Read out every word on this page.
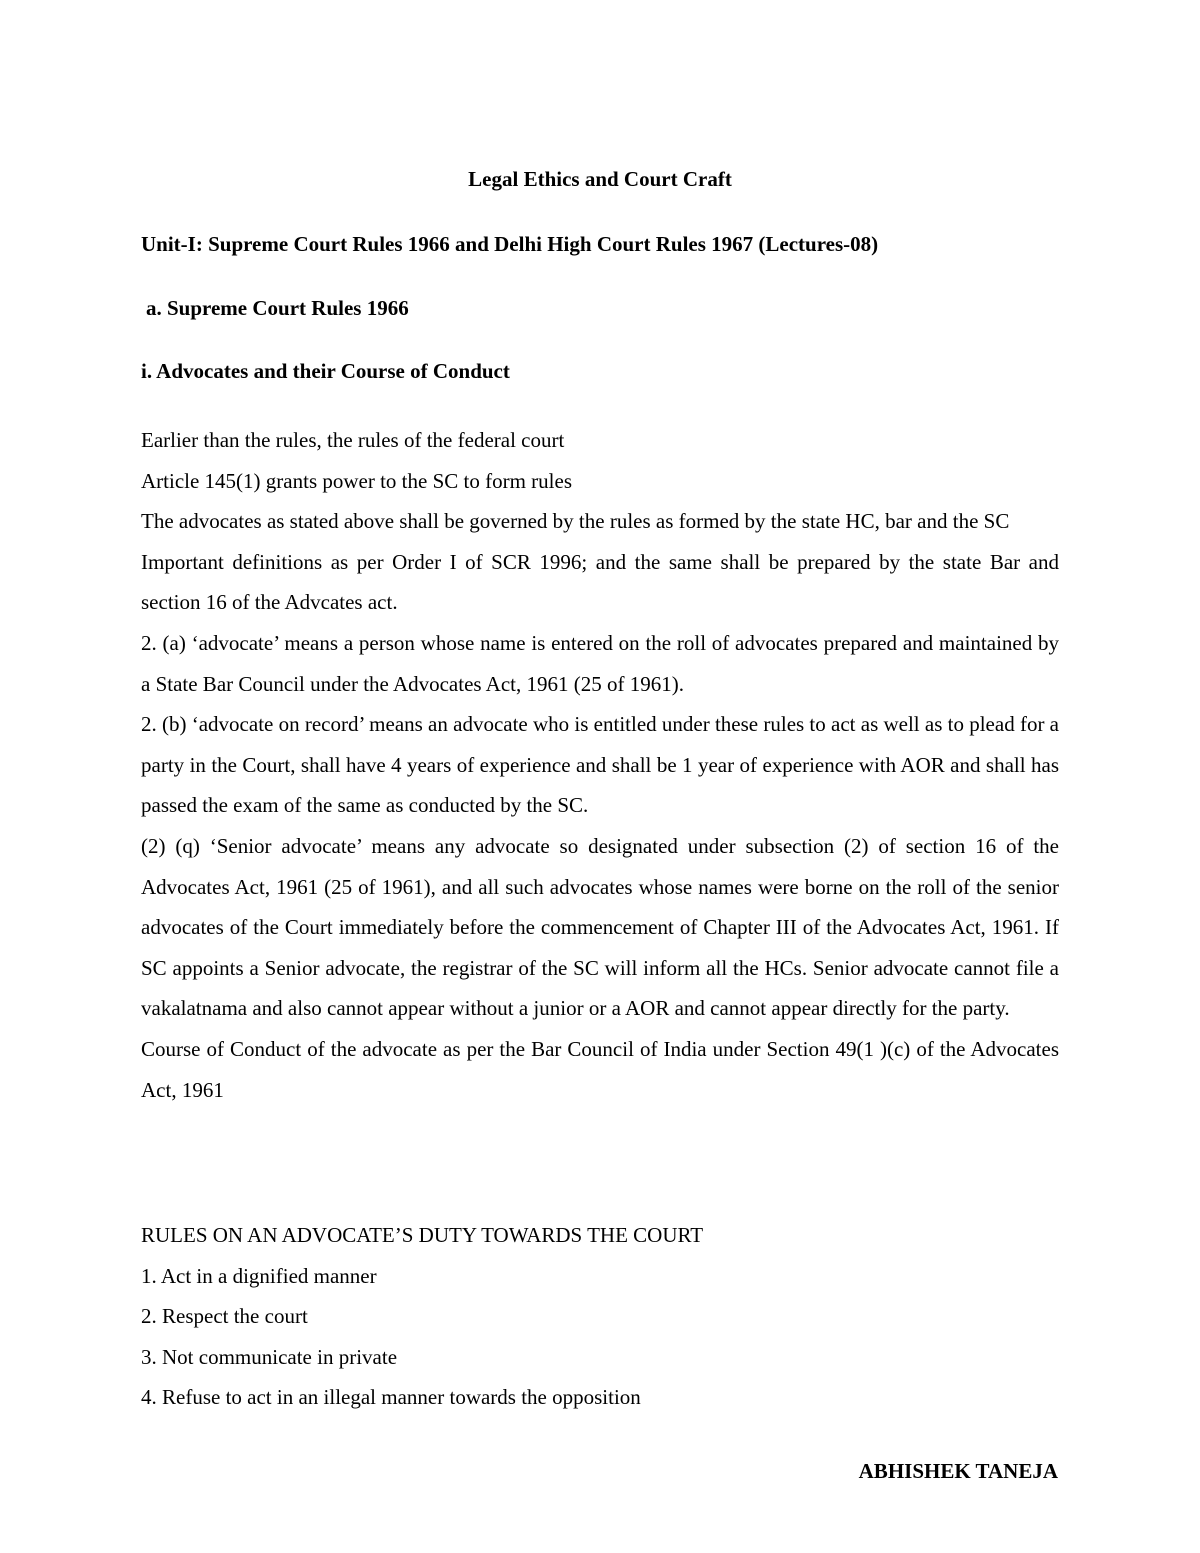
Legal Ethics and Court Craft
Unit-I: Supreme Court Rules 1966 and Delhi High Court Rules 1967 (Lectures-08)
a. Supreme Court Rules 1966
i. Advocates and their Course of Conduct

Earlier than the rules, the rules of the federal court

Article 145(1) grants power to the SC to form rules

The advocates as stated above shall be governed by the rules as formed by the state HC, bar and the SC

Important definitions as per Order I of SCR 1996; and the same shall be prepared by the state Bar and section 16 of the Advcates act.

2. (a) ‘advocate’ means a person whose name is entered on the roll of advocates prepared and maintained by a State Bar Council under the Advocates Act, 1961 (25 of 1961).

2. (b) ‘advocate on record’ means an advocate who is entitled under these rules to act as well as to plead for a party in the Court, shall have 4 years of experience and shall be 1 year of experience with AOR and shall has passed the exam of the same as conducted by the SC.

(2) (q) ‘Senior advocate’ means any advocate so designated under subsection (2) of section 16 of the Advocates Act, 1961 (25 of 1961), and all such advocates whose names were borne on the roll of the senior advocates of the Court immediately before the commencement of Chapter III of the Advocates Act, 1961. If SC appoints a Senior advocate, the registrar of the SC will inform all the HCs. Senior advocate cannot file a vakalatnama and also cannot appear without a junior or a AOR and cannot appear directly for the party.

Course of Conduct of the advocate as per the Bar Council of India under Section 49(1 )(c) of the Advocates Act, 1961

RULES ON AN ADVOCATE’S DUTY TOWARDS THE COURT

1. Act in a dignified manner
2. Respect the court
3. Not communicate in private
4. Refuse to act in an illegal manner towards the opposition
ABHISHEK TANEJA
